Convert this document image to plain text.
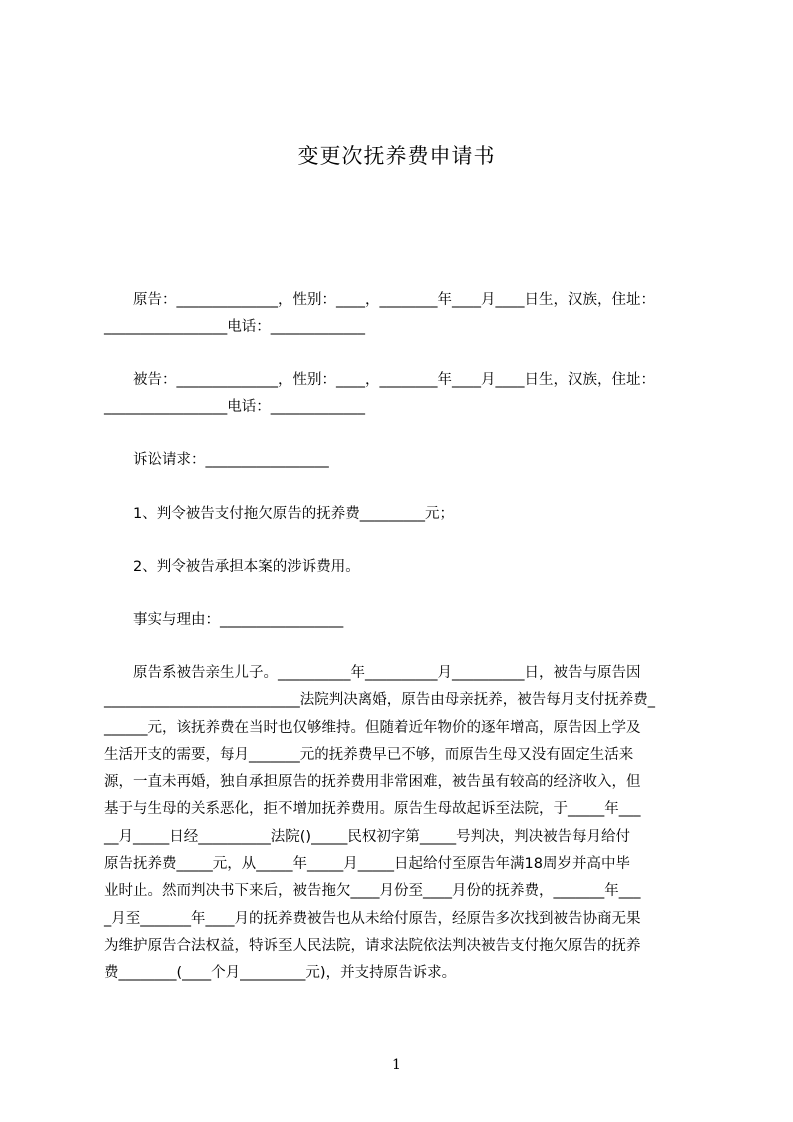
变更次抚养费申请书
　　原告：______________，性别：____，________年____月____日生，汉族，住址：
_________________电话：_____________
　　被告：______________，性别：____，________年____月____日生，汉族，住址：
_________________电话：_____________
　　诉讼请求：_________________
　　1、判令被告支付拖欠原告的抚养费_________元；
　　2、判令被告承担本案的涉诉费用。
　　事实与理由：_________________
　　原告系被告亲生儿子。__________年__________月__________日，被告与原告因
___________________________法院判决离婚，原告由母亲抚养，被告每月支付抚养费_
______元，该抚养费在当时也仅够维持。但随着近年物价的逐年增高，原告因上学及
生活开支的需要，每月_______元的抚养费早已不够，而原告生母又没有固定生活来
源，一直未再婚，独自承担原告的抚养费用非常困难，被告虽有较高的经济收入，但
基于与生母的关系恶化，拒不增加抚养费用。原告生母故起诉至法院，于_____年___
__月_____日经__________法院()_____民权初字第_____号判决，判决被告每月给付
原告抚养费_____元，从_____年_____月_____日起给付至原告年满18周岁并高中毕
业时止。然而判决书下来后，被告拖欠____月份至____月份的抚养费，_______年___
_月至_______年____月的抚养费被告也从未给付原告，经原告多次找到被告协商无果
为维护原告合法权益，特诉至人民法院，请求法院依法判决被告支付拖欠原告的抚养
费________(____个月_________元)，并支持原告诉求。
1
